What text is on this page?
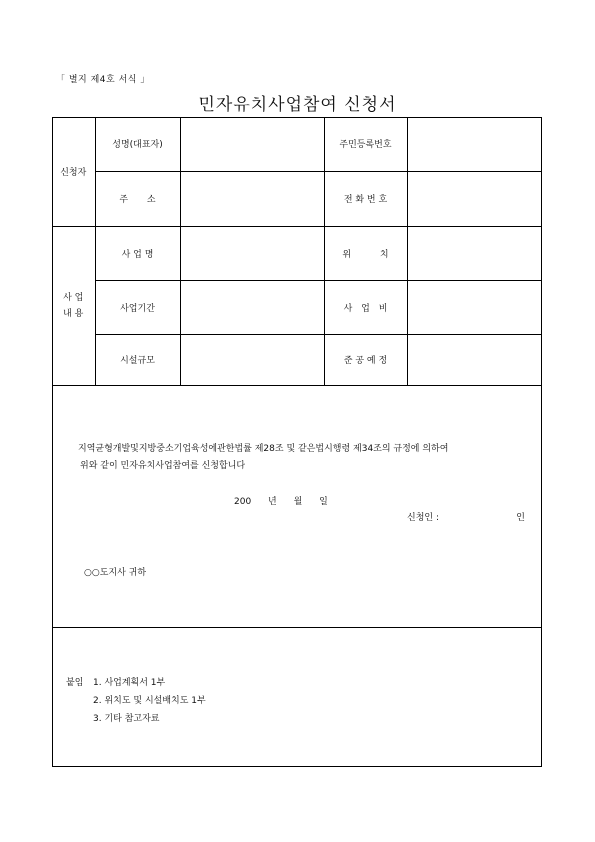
「 별지 제4호 서식 」
민자유치사업참여 신청서
신청자	성명(대표자)		주민등록번호	
	주 소		전 화 번 호	

사 업
내 용	사 업 명		위 치	
	사업기간		사 업 비	
	시설규모		준 공 예 정	
지역균형개발및지방중소기업육성에관한법률 제28조 및 같은법시행령 제34조의 규정에 의하여
위와 같이 민자유치사업참여를 신청합니다
200 년 월 일
신청인 :	인
○○도지사 귀하
붙임 1. 사업계획서 1부
2. 위치도 및 시설배치도 1부
3. 기타 참고자료
